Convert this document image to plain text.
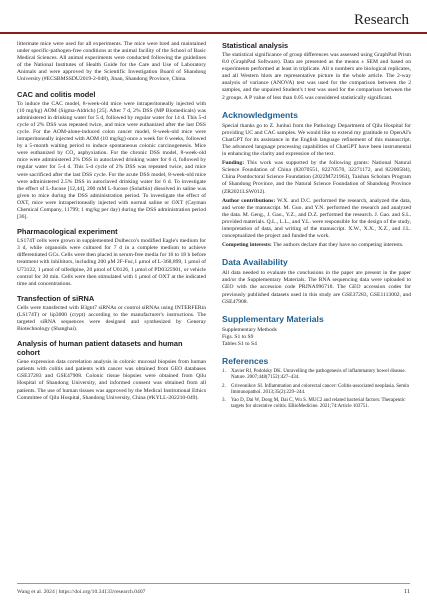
Research

littermate mice were used for all experiments. The mice were bred and maintained under specific-pathogen-free conditions at the animal facility of the School of Basic Medical Sciences. All animal experiments were conducted following the guidelines of the National Institutes of Health Guide for the Care and Use of Laboratory Animals and were approved by the Scientific Investigation Board of Shandong University (#ECSBMSSDU2019-2-048), Jinan, Shandong Province, China.

CAC and colitis model

To induce the CAC model, 8-week-old mice were intraperitoneally injected with (10 mg/kg) AOM (Sigma-Aldrich) [25]. After 7 d, 2% DSS (MP Biomedicals) was administered in drinking water for 5 d, followed by regular water for 14 d. This 5-d cycle of 2% DSS was repeated twice, and mice were euthanized after the last DSS cycle. For the AOM-alone-induced colon cancer model, 8-week-old mice were intraperitoneally injected with AOM (10 mg/kg) once a week for 6 weeks, followed by a 5-month waiting period to induce spontaneous colonic carcinogenesis. Mice were euthanized by CO₂ asphyxiation. For the chronic DSS model, 8-week-old mice were administered 2% DSS in autoclaved drinking water for 6 d, followed by regular water for 5-4 d. This 5-d cycle of 2% DSS was repeated twice, and mice were sacrificed after the last DSS cycle. For the acute DSS model, 8-week-old mice were administered 2.5% DSS in autoclaved drinking water for 6 d. To investigate the effect of L-fucose [12,44], 200 mM L-fucose (Solarbio) dissolved in saline was given to mice during the DSS administration period. To investigate the effect of OXT, mice were intraperitoneally injected with normal saline or OXT (Cayman Chemical Company, 11799; 1 mg/kg per day) during the DSS administration period [36].

Pharmacological experiment

LS174T cells were grown in supplemented Dulbecco's modified Eagle's medium for 3 d, while organoids were cultured for 7 d in a complete medium to achieve differentiated GCs. Cells were then placed in serum-free media for 16 to 18 h before treatment with inhibitors, including 200 μM 2F-Fuc,1 μmol of L-368,899, 1 μmol of U73122, 1 μmol of nifedipine, 20 μmol of U0126, 1 μmol of PD0325901, or vehicle control for 30 min. Cells were then stimulated with 1 μmol of OXT at the indicated time and concentrations.

Transfection of siRNA

Cells were transfected with B3gnt7 siRNAs or control siRNAs using INTERFERin (LS174T) or lip3000 (crypt) according to the manufacturer's instructions. The targeted siRNA sequences were designed and synthesized by Generay Biotechnology (Shanghai).

Analysis of human patient datasets and human cohort

Gene expression data correlation analysis in colonic mucosal biopsies from human patients with colitis and patients with cancer was obtained from GEO databases GSE37283 and GSE47908. Colonic tissue biopsies were obtained from Qilu Hospital of Shandong University, and informed consent was obtained from all patients. The use of human tissues was approved by the Medical Institutional Ethics Committee of Qilu Hospital, Shandong University, China (#KYLL-202210-049).

Statistical analysis

The statistical significance of group differences was assessed using GraphPad Prism 8.0 (GraphPad Software). Data are presented as the means ± SEM and based on experiments performed at least in triplicate. All n numbers are biological replicates, and all Western blots are representative picture in the whole article. The 2-way analysis of variance (ANOVA) test was used for the comparison between the 2 samples, and the unpaired Student's t test was used for the comparison between the 2 groups. A P value of less than 0.05 was considered statistically significant.

Acknowledgments

Special thanks go to Z. Junhui from the Pathology Department of Qilu Hospital for providing UC and CAC samples. We would like to extend my gratitude to OpenAI's ChatGPT for its assistance in the English language refinement of this manuscript. The advanced language processing capabilities of ChatGPT have been instrumental in enhancing the clarity and expression of the text.

Funding: This work was supported by the following grants: National Natural Science Foundation of China (82070551, 82270570, 32271172, and 82200584), China Postdoctoral Science Foundation (2022M721963), Taishan Scholars Program of Shandong Province, and the Natural Science Foundation of Shandong Province (ZR2021LSW012).

Author contributions: W.X. and D.C. performed the research, analyzed the data, and wrote the manuscript. M. Guo. and Y.N. performed the research and analyzed the data. M. Geng., J. Gao., Y.Z., and D.Z. performed the research. J. Gao. and S.L. provided materials. Q.L., L.L., and Y.L. were responsible for the design of the study, interpretation of data, and writing of the manuscript. X.W., X.X., X.Z., and J.L. conceptualized the project and funded the work.

Competing interests: The authors declare that they have no competing interests.

Data Availability

All data needed to evaluate the conclusions in the paper are present in the paper and/or the Supplementary Materials. The RNA sequencing data were uploaded to GEO with the accession code PRJNA996718. The GEO accession codes for previously published datasets used in this study are GSE37283, GSE1113002, and GSE47908.

Supplementary Materials
Supplementary Methods
Figs. S1 to S9
Tables S1 to S4
References
1.	Xavier RJ, Podolsky DK. Unravelling the pathogenesis of inflammatory bowel disease. Nature. 2007;448(7152):427–434.
2.	Grivennikov SI. Inflammation and colorectal cancer: Colitis-associated neoplasia. Semin Immunopathol. 2013;35(2):229–244.
3.	Yao D, Dai W, Dong M, Dai C, Wu S. MUC2 and related bacterial factors: Therapeutic targets for ulcerative colitis. EBioMedicine. 2021;74:Article 103751.
Wang et al. 2024 | https://doi.org/10.34133/research.0407	11
